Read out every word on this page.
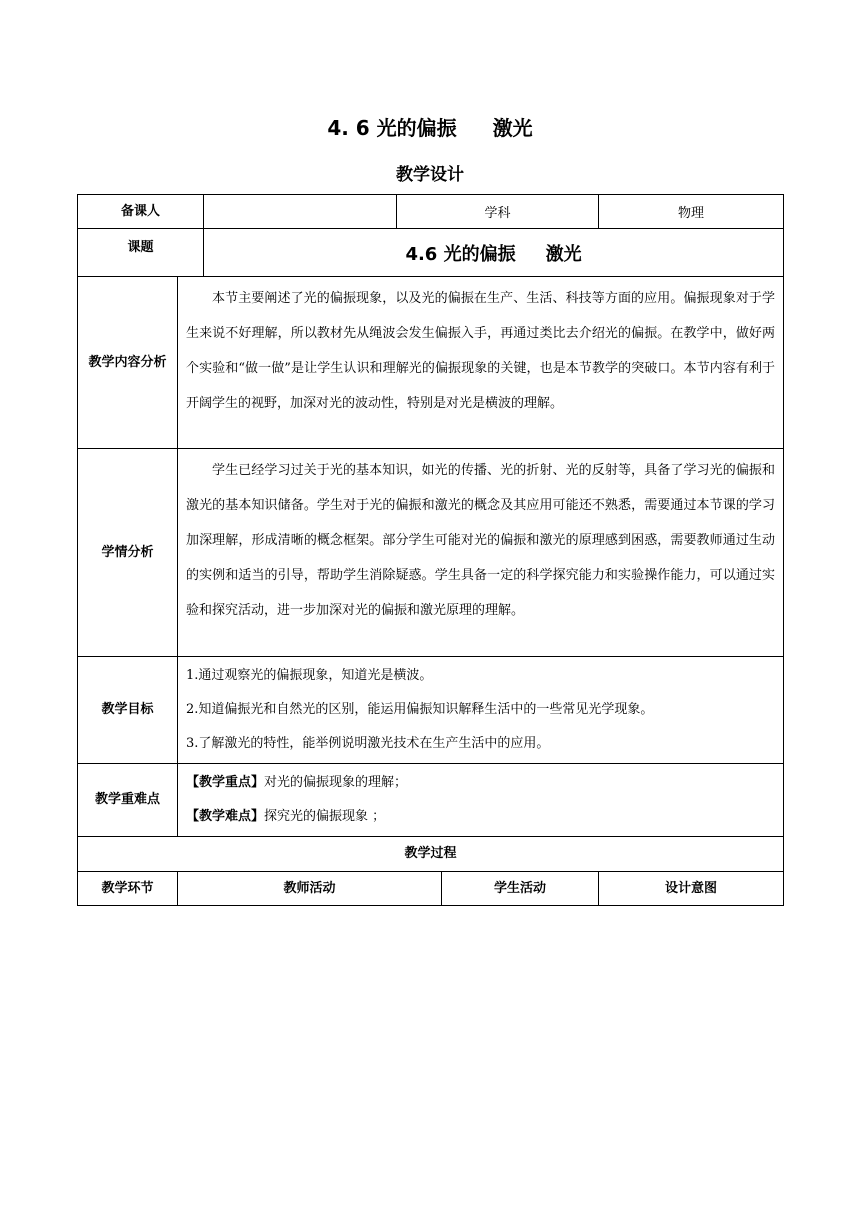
4. 6 光的偏振 激光
教学设计
备课人			学科		物理
课题		4.6 光的偏振 激光			
教学内容分析	本节主要阐述了光的偏振现象，以及光的偏振在生产、生活、科技等方面的应用。偏振现象对于学生来说不好理解，所以教材先从绳波会发生偏振入手，再通过类比去介绍光的偏振。在教学中，做好两个实验和“做一做”是让学生认识和理解光的偏振现象的关键，也是本节教学的突破口。本节内容有利于开阔学生的视野，加深对光的波动性，特别是对光是横波的理解。				
学情分析	学生已经学习过关于光的基本知识，如光的传播、光的折射、光的反射等，具备了学习光的偏振和激光的基本知识储备。学生对于光的偏振和激光的概念及其应用可能还不熟悉，需要通过本节课的学习加深理解，形成清晰的概念框架。部分学生可能对光的偏振和激光的原理感到困惑，需要教师通过生动的实例和适当的引导，帮助学生消除疑惑。学生具备一定的科学探究能力和实验操作能力，可以通过实验和探究活动，进一步加深对光的偏振和激光原理的理解。				
教学目标	1.通过观察光的偏振现象，知道光是横波。
2.知道偏振光和自然光的区别，能运用偏振知识解释生活中的一些常见光学现象。
3.了解激光的特性，能举例说明激光技术在生产生活中的应用。				

教学重难点	【教学重点】对光的偏振现象的理解；
【教学难点】探究光的偏振现象 ；				

教学过程					
教学环节	教师活动			学生活动	设计意图
